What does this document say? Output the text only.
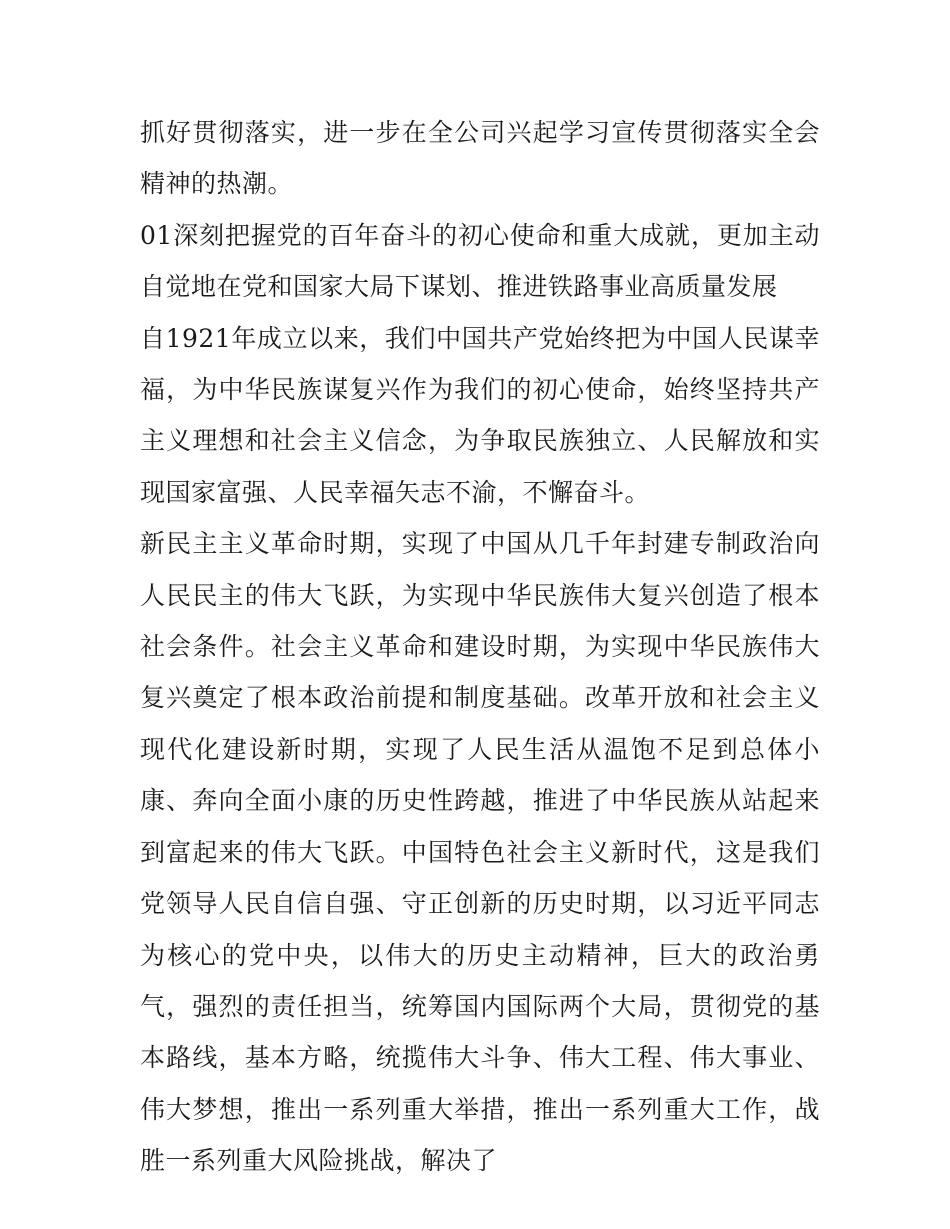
抓好贯彻落实，进一步在全公司兴起学习宣传贯彻落实全会精神的热潮。

01深刻把握党的百年奋斗的初心使命和重大成就，更加主动自觉地在党和国家大局下谋划、推进铁路事业高质量发展

自1921年成立以来，我们中国共产党始终把为中国人民谋幸福，为中华民族谋复兴作为我们的初心使命，始终坚持共产主义理想和社会主义信念，为争取民族独立、人民解放和实现国家富强、人民幸福矢志不渝，不懈奋斗。

新民主主义革命时期，实现了中国从几千年封建专制政治向人民民主的伟大飞跃，为实现中华民族伟大复兴创造了根本社会条件。社会主义革命和建设时期，为实现中华民族伟大复兴奠定了根本政治前提和制度基础。改革开放和社会主义现代化建设新时期，实现了人民生活从温饱不足到总体小康、奔向全面小康的历史性跨越，推进了中华民族从站起来到富起来的伟大飞跃。中国特色社会主义新时代，这是我们党领导人民自信自强、守正创新的历史时期，以习近平同志为核心的党中央，以伟大的历史主动精神，巨大的政治勇气，强烈的责任担当，统筹国内国际两个大局，贯彻党的基本路线，基本方略，统揽伟大斗争、伟大工程、伟大事业、伟大梦想，推出一系列重大举措，推出一系列重大工作，战胜一系列重大风险挑战，解决了
